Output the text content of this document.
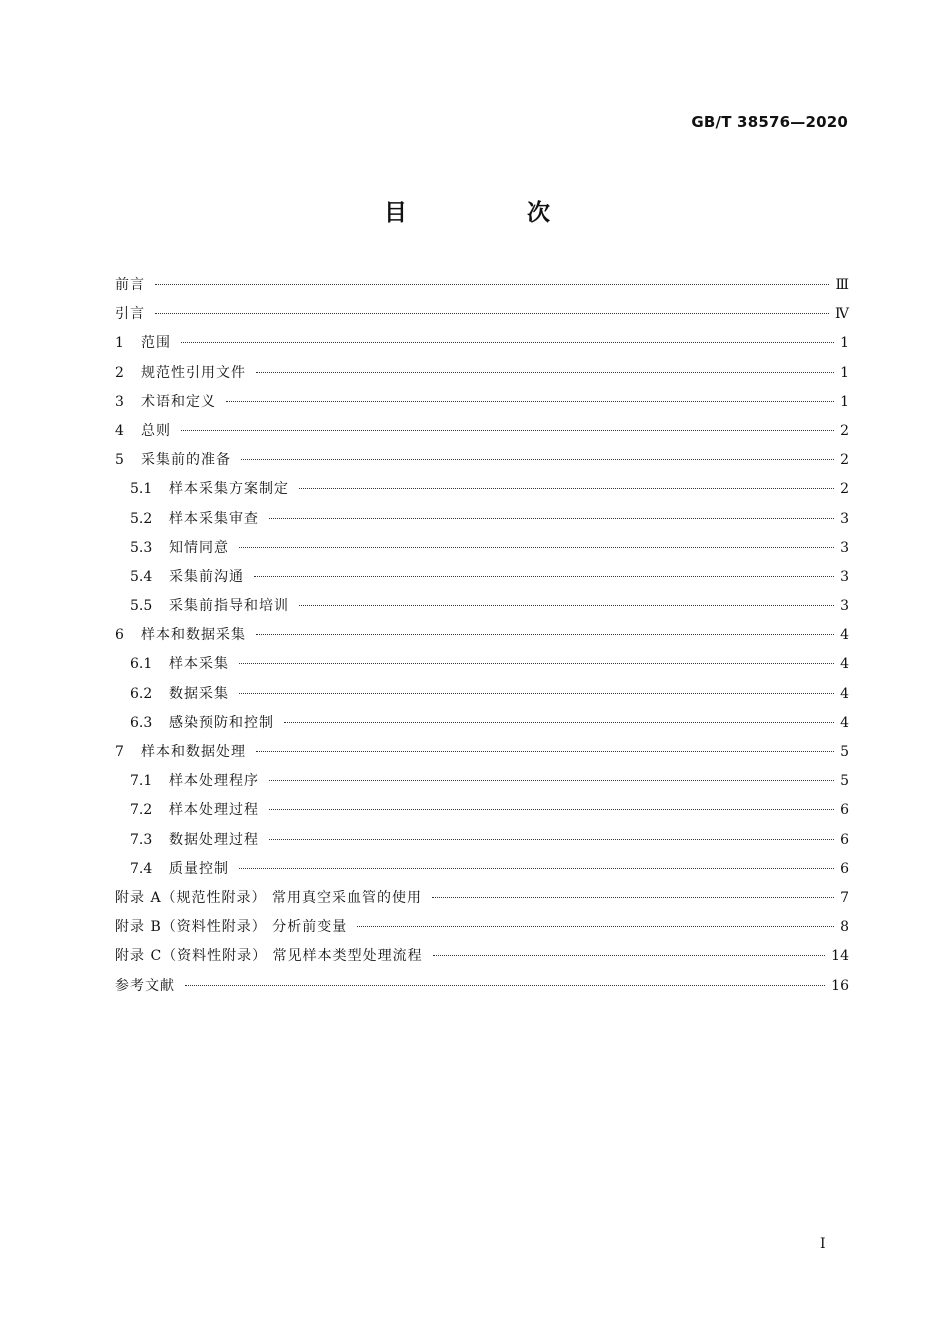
GB/T 38576—2020
目 次
前言	Ⅲ
引言	Ⅳ
1	范围	1
2	规范性引用文件	1
3	术语和定义	1
4	总则	2
5	采集前的准备	2
5.1	样本采集方案制定	2
5.2	样本采集审查	3
5.3	知情同意	3
5.4	采集前沟通	3
5.5	采集前指导和培训	3
6	样本和数据采集	4
6.1	样本采集	4
6.2	数据采集	4
6.3	感染预防和控制	4
7	样本和数据处理	5
7.1	样本处理程序	5
7.2	样本处理过程	6
7.3	数据处理过程	6
7.4	质量控制	6
附录 A（规范性附录） 常用真空采血管的使用	7
附录 B（资料性附录） 分析前变量	8
附录 C（资料性附录） 常见样本类型处理流程	14
参考文献	16
Ⅰ
